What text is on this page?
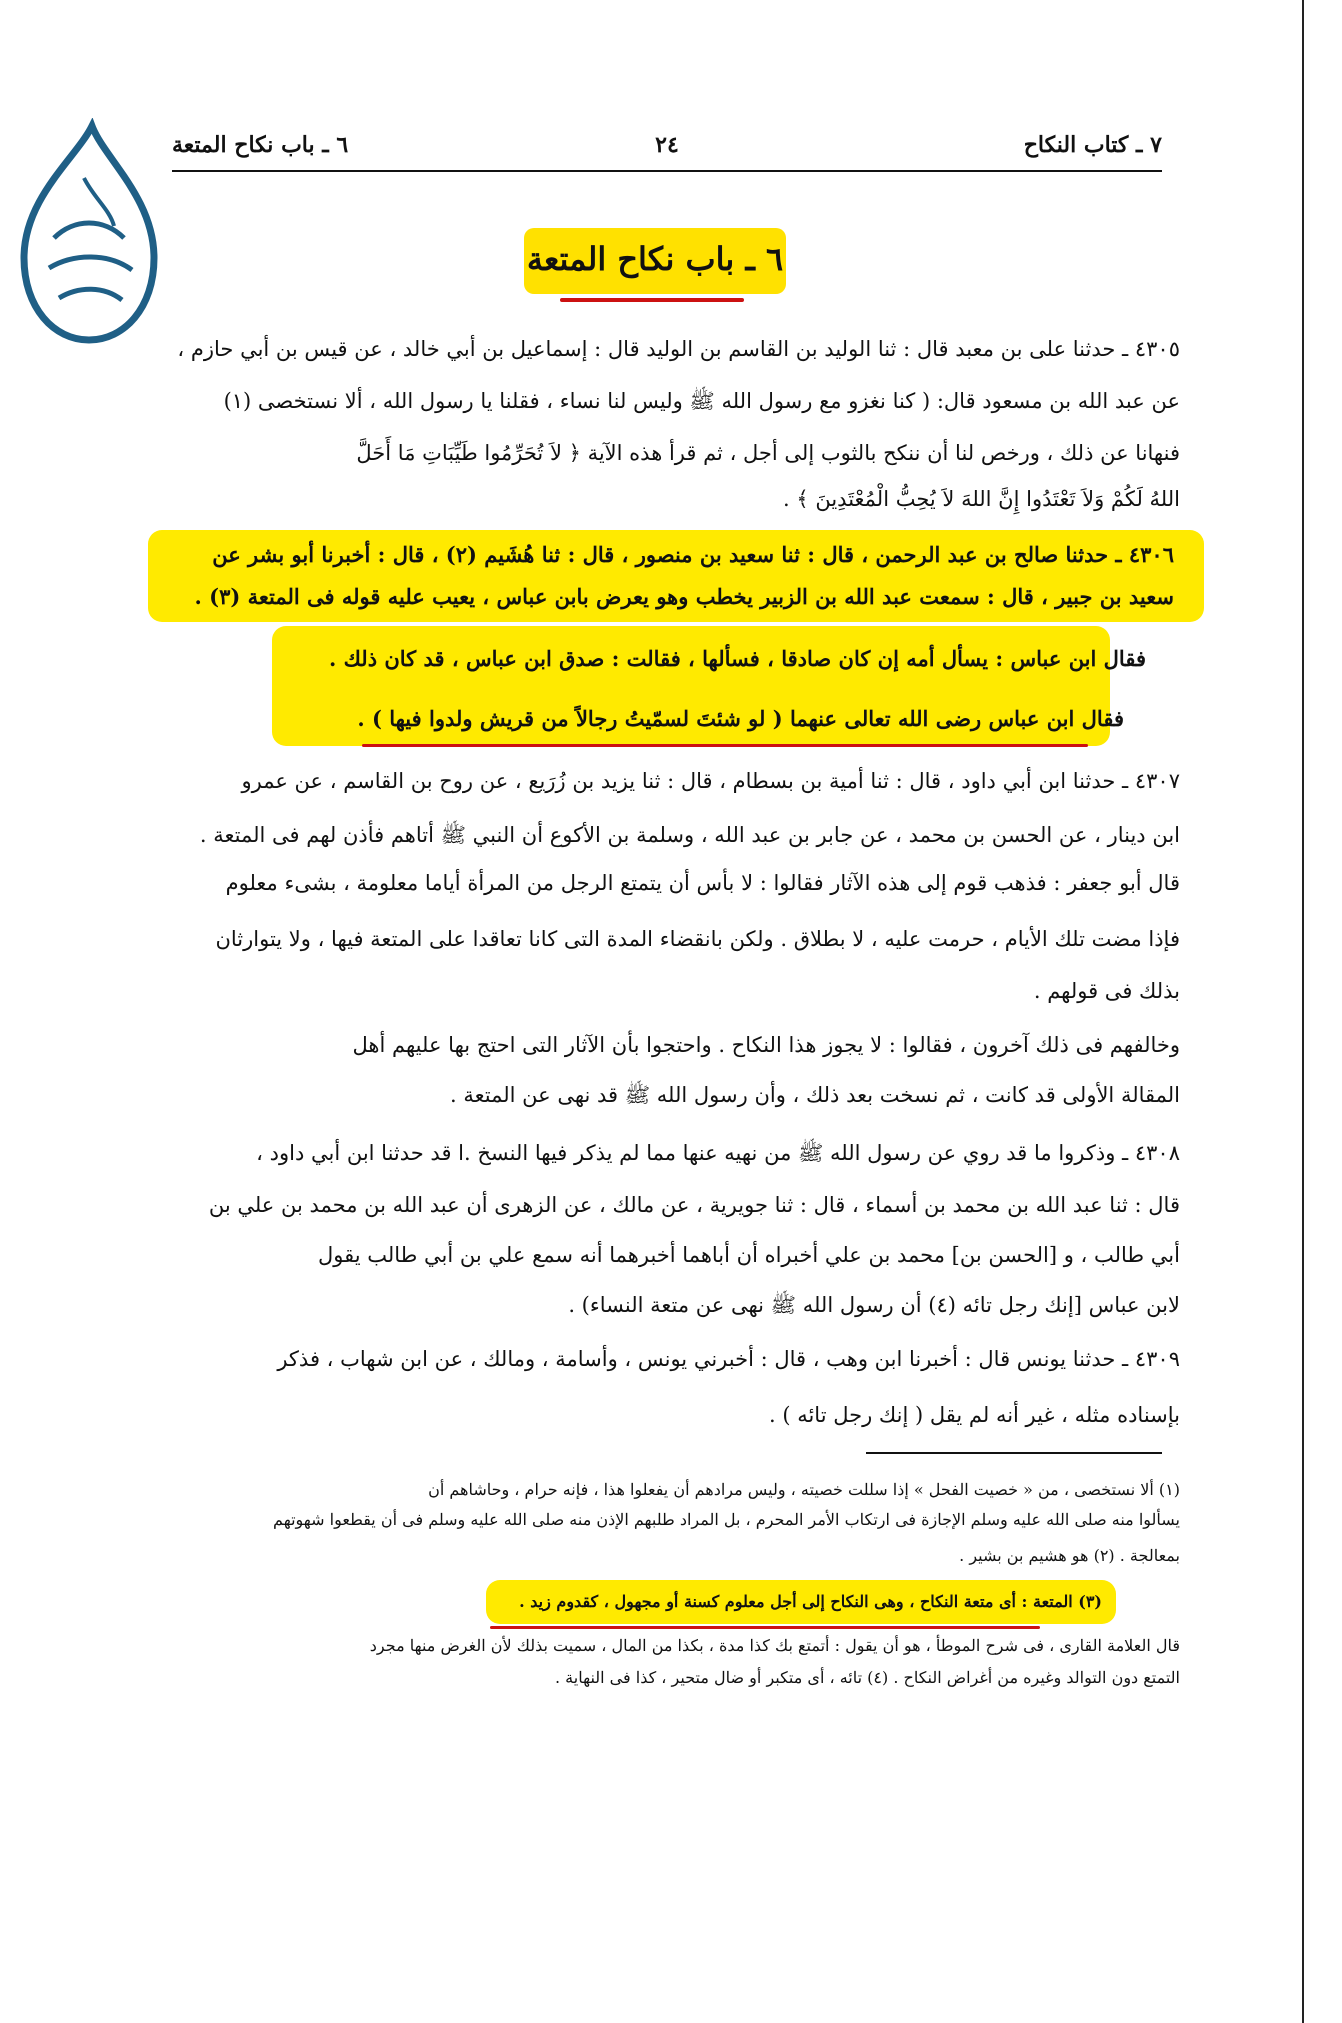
٧ ـ كتاب النكاح
٢٤
٦ ـ باب نكاح المتعة
٦ ـ باب نكاح المتعة
٤٣٠٥ ـ حدثنا على بن معبد قال : ثنا الوليد بن القاسم بن الوليد قال : إسماعيل بن أبي خالد ، عن قيس بن أبي حازم ،
عن عبد الله بن مسعود قال: ( كنا نغزو مع رسول الله ﷺ وليس لنا نساء ، فقلنا يا رسول الله ، ألا نستخصى (١)
فنهانا عن ذلك ، ورخص لنا أن ننكح بالثوب إلى أجل ، ثم قرأ هذه الآية ﴿ لاَ تُحَرِّمُوا طَيِّبَاتِ مَا أَحَلَّ
اللهُ لَكُمْ وَلاَ تَعْتَدُوا إِنَّ اللهَ لاَ يُحِبُّ الْمُعْتَدِينَ ﴾ .
٤٣٠٦ ـ حدثنا صالح بن عبد الرحمن ، قال : ثنا سعيد بن منصور ، قال : ثنا هُشَيم (٢) ، قال : أخبرنا أبو بشر عن
سعيد بن جبير ، قال : سمعت عبد الله بن الزبير يخطب وهو يعرض بابن عباس ، يعيب عليه قوله فى المتعة (٣) .
فقال ابن عباس : يسأل أمه إن كان صادقا ، فسألها ، فقالت : صدق ابن عباس ، قد كان ذلك .
فقال ابن عباس رضى الله تعالى عنهما ( لو شئتَ لسمّيتُ رجالاً من قريش ولدوا فيها ) .
٤٣٠٧ ـ حدثنا ابن أبي داود ، قال : ثنا أمية بن بسطام ، قال : ثنا يزيد بن زُرَيع ، عن روح بن القاسم ، عن عمرو
ابن دينار ، عن الحسن بن محمد ، عن جابر بن عبد الله ، وسلمة بن الأكوع أن النبي ﷺ أتاهم فأذن لهم فى المتعة .
قال أبو جعفر : فذهب قوم إلى هذه الآثار فقالوا : لا بأس أن يتمتع الرجل من المرأة أياما معلومة ، بشىء معلوم
فإذا مضت تلك الأيام ، حرمت عليه ، لا بطلاق . ولكن بانقضاء المدة التى كانا تعاقدا على المتعة فيها ، ولا يتوارثان
بذلك فى قولهم .
وخالفهم فى ذلك آخرون ، فقالوا : لا يجوز هذا النكاح . واحتجوا بأن الآثار التى احتج بها عليهم أهل
المقالة الأولى قد كانت ، ثم نسخت بعد ذلك ، وأن رسول الله ﷺ قد نهى عن المتعة .
٤٣٠٨ ـ وذكروا ما قد روي عن رسول الله ﷺ من نهيه عنها مما لم يذكر فيها النسخ .ا قد حدثنا ابن أبي داود ،
قال : ثنا عبد الله بن محمد بن أسماء ، قال : ثنا جويرية ، عن مالك ، عن الزهرى أن عبد الله بن محمد بن علي بن
أبي طالب ، و [الحسن بن] محمد بن علي أخبراه أن أباهما أخبرهما أنه سمع علي بن أبي طالب يقول
لابن عباس [إنك رجل تائه (٤) أن رسول الله ﷺ نهى عن متعة النساء) .
٤٣٠٩ ـ حدثنا يونس قال : أخبرنا ابن وهب ، قال : أخبرني يونس ، وأسامة ، ومالك ، عن ابن شهاب ، فذكر
بإسناده مثله ، غير أنه لم يقل ( إنك رجل تائه ) .
(١) ألا نستخصى ، من « خصيت الفحل » إذا سللت خصيته ، وليس مرادهم أن يفعلوا هذا ، فإنه حرام ، وحاشاهم أن
يسألوا منه صلى الله عليه وسلم الإجازة فى ارتكاب الأمر المحرم ، بل المراد طلبهم الإذن منه صلى الله عليه وسلم فى أن يقطعوا شهوتهم
بمعالجة . (٢) هو هشيم بن بشير .
(٣) المتعة : أى متعة النكاح ، وهى النكاح إلى أجل معلوم كسنة أو مجهول ، كقدوم زيد .
قال العلامة القارى ، فى شرح الموطأ ، هو أن يقول : أتمتع بك كذا مدة ، بكذا من المال ، سميت بذلك لأن الغرض منها مجرد
التمتع دون التوالد وغيره من أغراض النكاح . (٤) تائه ، أى متكبر أو ضال متحير ، كذا فى النهاية .
